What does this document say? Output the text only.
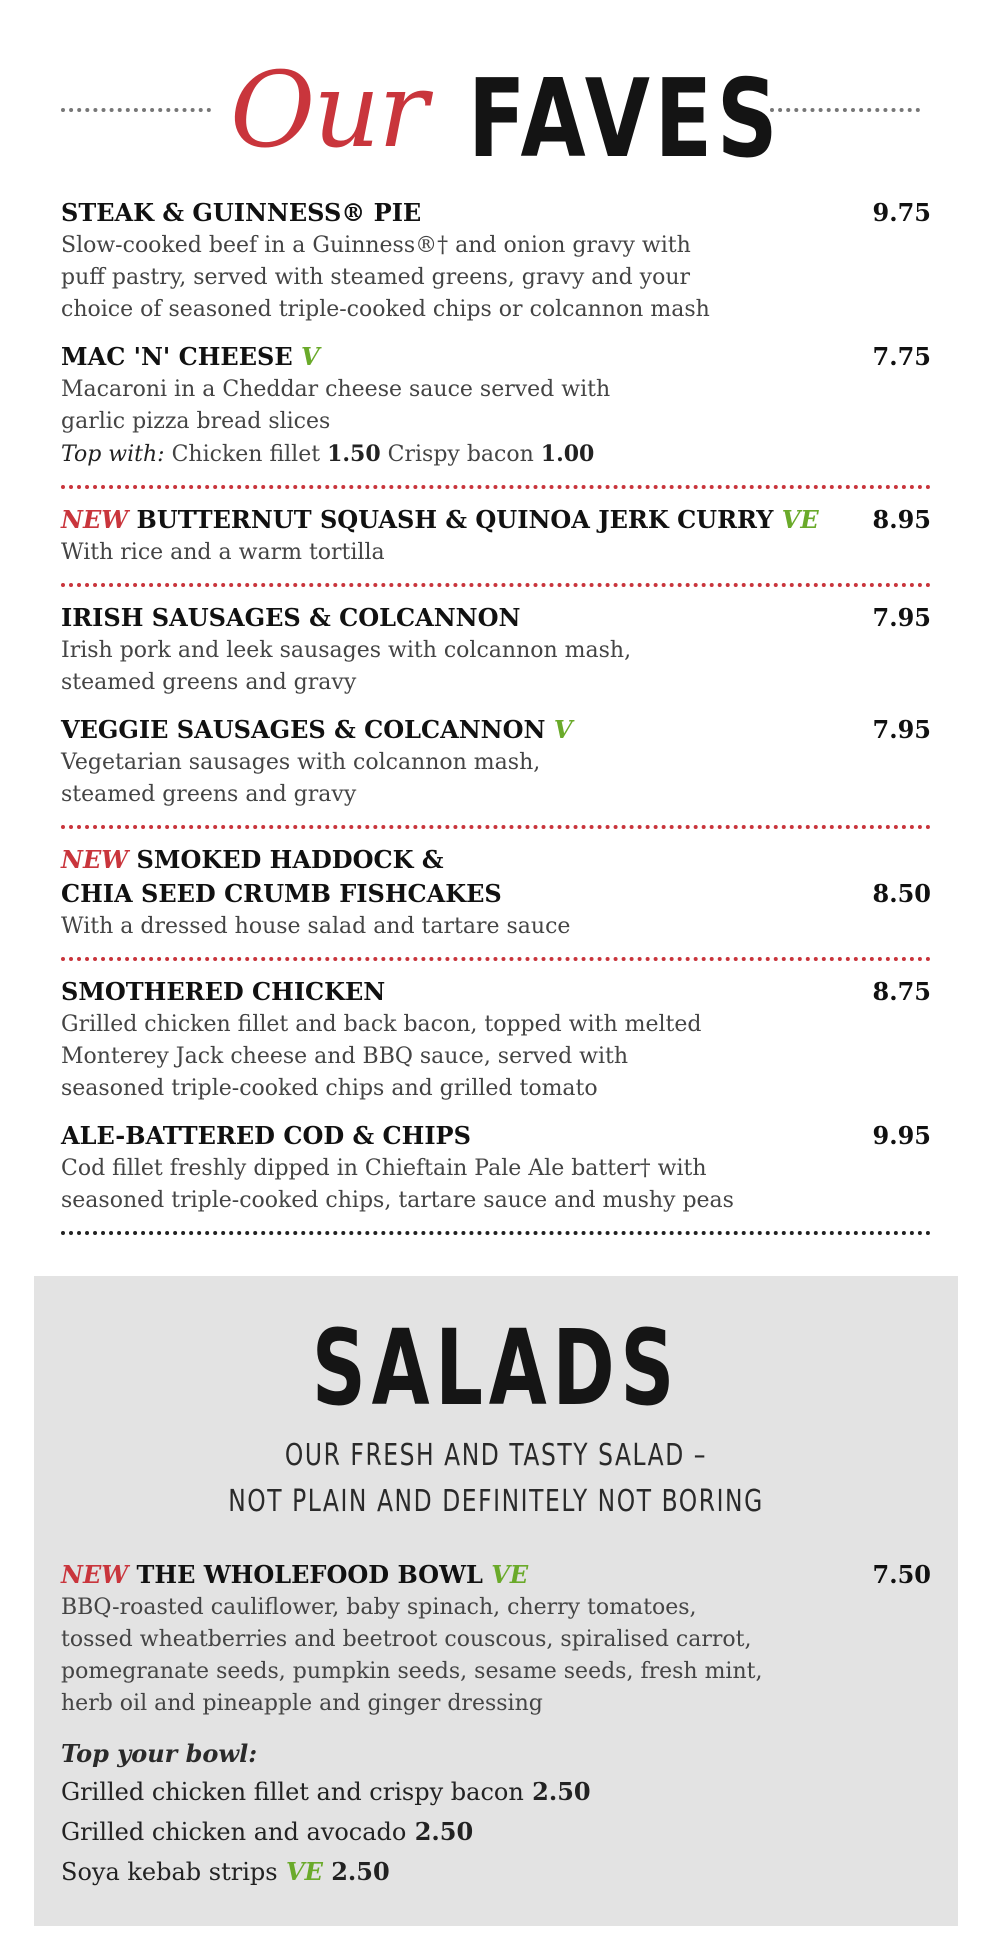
Our FAVES
STEAK & GUINNESS® PIE	9.75
Slow-cooked beef in a Guinness®† and onion gravy with
puff pastry, served with steamed greens, gravy and your
choice of seasoned triple-cooked chips or colcannon mash
MAC 'N' CHEESE V	7.75
Macaroni in a Cheddar cheese sauce served with
garlic pizza bread slices
Top with: Chicken fillet 1.50 Crispy bacon 1.00
NEW BUTTERNUT SQUASH & QUINOA JERK CURRY VE	8.95
With rice and a warm tortilla
IRISH SAUSAGES & COLCANNON	7.95
Irish pork and leek sausages with colcannon mash,
steamed greens and gravy
VEGGIE SAUSAGES & COLCANNON V	7.95
Vegetarian sausages with colcannon mash,
steamed greens and gravy
NEW SMOKED HADDOCK &
CHIA SEED CRUMB FISHCAKES	8.50
With a dressed house salad and tartare sauce
SMOTHERED CHICKEN	8.75
Grilled chicken fillet and back bacon, topped with melted
Monterey Jack cheese and BBQ sauce, served with
seasoned triple-cooked chips and grilled tomato
ALE-BATTERED COD & CHIPS	9.95
Cod fillet freshly dipped in Chieftain Pale Ale batter† with
seasoned triple-cooked chips, tartare sauce and mushy peas
SALADS
OUR FRESH AND TASTY SALAD –
NOT PLAIN AND DEFINITELY NOT BORING
NEW THE WHOLEFOOD BOWL VE	7.50
BBQ-roasted cauliflower, baby spinach, cherry tomatoes,
tossed wheatberries and beetroot couscous, spiralised carrot,
pomegranate seeds, pumpkin seeds, sesame seeds, fresh mint,
herb oil and pineapple and ginger dressing
Top your bowl:
Grilled chicken fillet and crispy bacon 2.50
Grilled chicken and avocado 2.50
Soya kebab strips VE 2.50
